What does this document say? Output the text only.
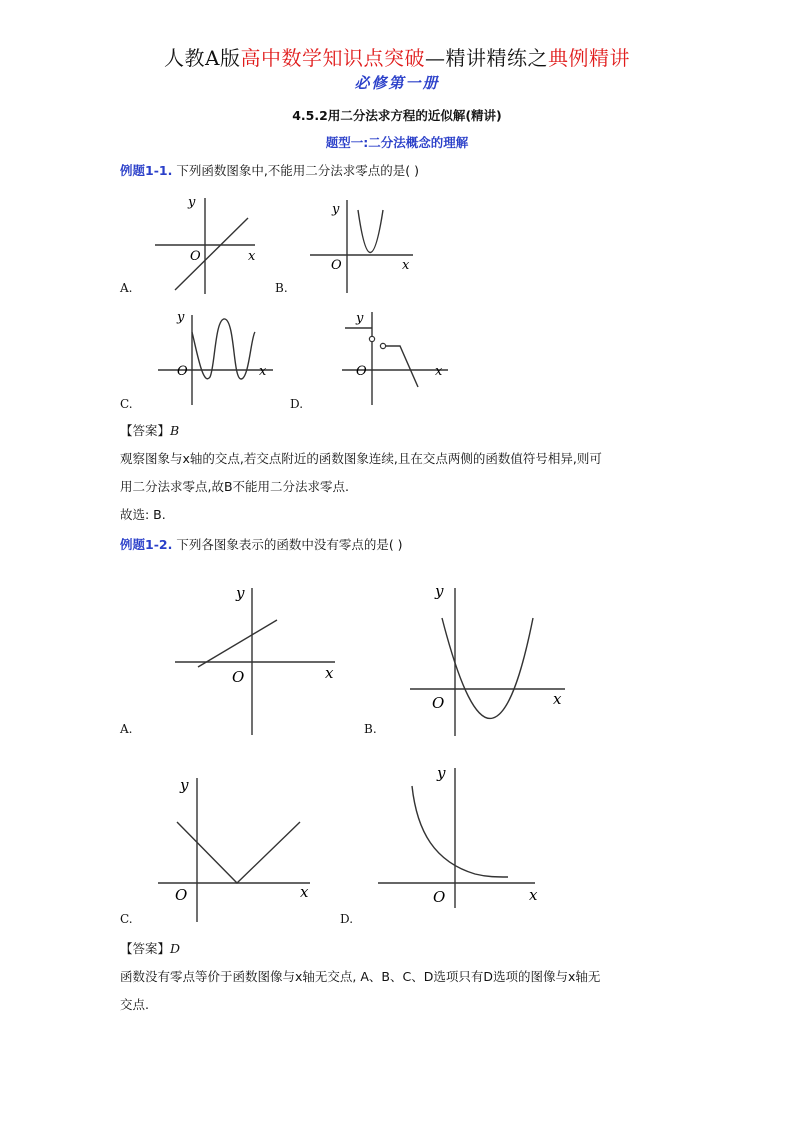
人教A版高中数学知识点突破—精讲精练之典例精讲
必修第一册
4.5.2用二分法求方程的近似解(精讲)
题型一:二分法概念的理解
例题1-1. 下列函数图象中,不能用二分法求零点的是( )
y
x
O
A.
y
x
O
B.
y
x
O
C.
y
x
O
D.
【答案】B
观察图象与x轴的交点,若交点附近的函数图象连续,且在交点两侧的函数值符号相异,则可
用二分法求零点,故B不能用二分法求零点.
故选: B.
例题1-2. 下列各图象表示的函数中没有零点的是( )
y
x
O
A.
y
x
O
B.
y
x
O
C.
y
x
O
D.
【答案】D
函数没有零点等价于函数图像与x轴无交点, A、B、C、D选项只有D选项的图像与x轴无
交点.
